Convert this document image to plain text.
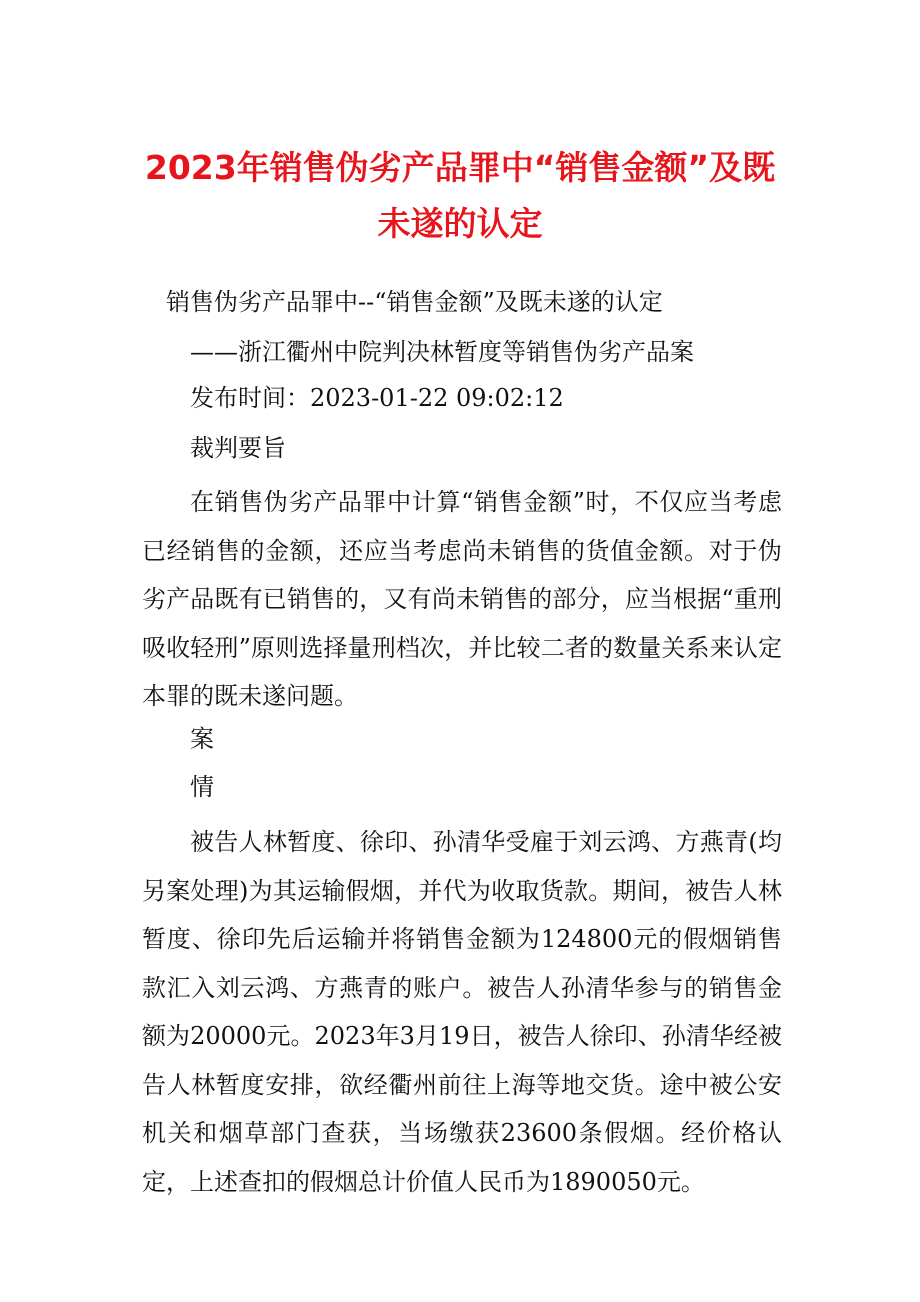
2023年销售伪劣产品罪中“销售金额”及既未遂的认定
销售伪劣产品罪中--“销售金额”及既未遂的认定
——浙江衢州中院判决林暂度等销售伪劣产品案
发布时间：2023-01-22 09:02:12
裁判要旨

在销售伪劣产品罪中计算“销售金额”时，不仅应当考虑已经销售的金额，还应当考虑尚未销售的货值金额。对于伪劣产品既有已销售的，又有尚未销售的部分，应当根据“重刑吸收轻刑”原则选择量刑档次，并比较二者的数量关系来认定本罪的既未遂问题。

案
情

被告人林暂度、徐印、孙清华受雇于刘云鸿、方燕青(均另案处理)为其运输假烟，并代为收取货款。期间，被告人林暂度、徐印先后运输并将销售金额为124800元的假烟销售款汇入刘云鸿、方燕青的账户。被告人孙清华参与的销售金额为20000元。2023年3月19日，被告人徐印、孙清华经被告人林暂度安排，欲经衢州前往上海等地交货。途中被公安机关和烟草部门查获，当场缴获23600条假烟。经价格认定，上述查扣的假烟总计价值人民币为1890050元。
